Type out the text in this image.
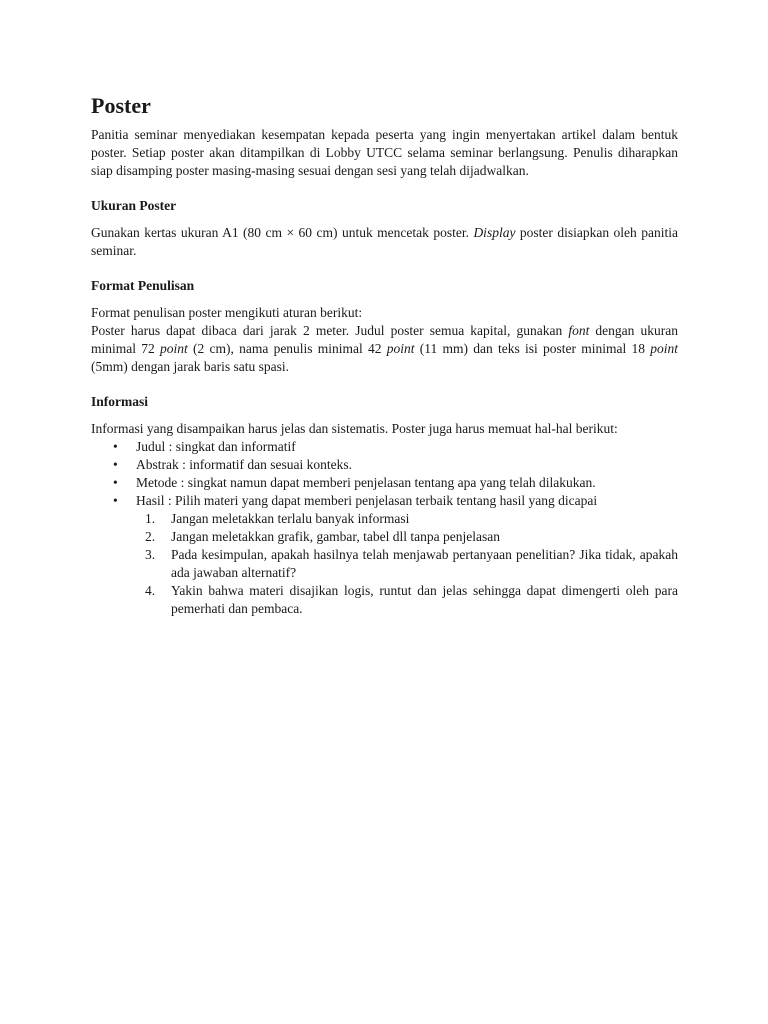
Poster

Panitia seminar menyediakan kesempatan kepada peserta yang ingin menyertakan artikel dalam bentuk poster. Setiap poster akan ditampilkan di Lobby UTCC selama seminar berlangsung. Penulis diharapkan siap disamping poster masing-masing sesuai dengan sesi yang telah dijadwalkan.

Ukuran Poster

Gunakan kertas ukuran A1 (80 cm × 60 cm) untuk mencetak poster. Display poster disiapkan oleh panitia seminar.

Format Penulisan

Format penulisan poster mengikuti aturan berikut:

Poster harus dapat dibaca dari jarak 2 meter. Judul poster semua kapital, gunakan font dengan ukuran minimal 72 point (2 cm), nama penulis minimal 42 point (11 mm) dan teks isi poster minimal 18 point (5mm) dengan jarak baris satu spasi.

Informasi

Informasi yang disampaikan harus jelas dan sistematis. Poster juga harus memuat hal-hal berikut:

• Judul : singkat dan informatif
• Abstrak : informatif dan sesuai konteks.
• Metode : singkat namun dapat memberi penjelasan tentang apa yang telah dilakukan.
• Hasil : Pilih materi yang dapat memberi penjelasan terbaik tentang hasil yang dicapai
1. Jangan meletakkan terlalu banyak informasi
2. Jangan meletakkan grafik, gambar, tabel dll tanpa penjelasan
3. Pada kesimpulan, apakah hasilnya telah menjawab pertanyaan penelitian? Jika tidak, apakah ada jawaban alternatif?
4. Yakin bahwa materi disajikan logis, runtut dan jelas sehingga dapat dimengerti oleh para pemerhati dan pembaca.
